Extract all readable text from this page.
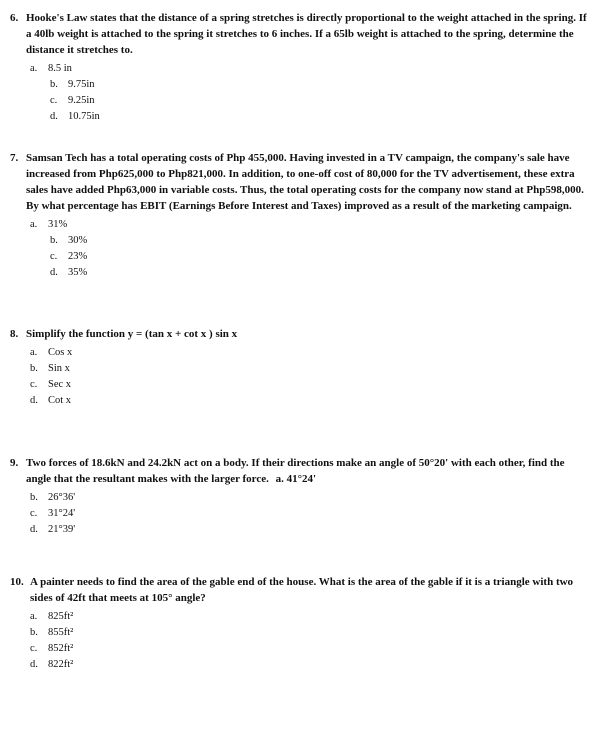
6. Hooke's Law states that the distance of a spring stretches is directly proportional to the weight attached in the spring. If a 40lb weight is attached to the spring it stretches to 6 inches. If a 65lb weight is attached to the spring, determine the distance it stretches to.
a.	8.5 in
b. 9.75in
c.	9.25in
d. 10.75in
7. Samsan Tech has a total operating costs of Php 455,000. Having invested in a TV campaign, the company's sale have increased from Php625,000 to Php821,000. In addition, to one-off cost of 80,000 for the TV advertisement, these extra sales have added Php63,000 in variable costs. Thus, the total operating costs for the company now stand at Php598,000. By what percentage has EBIT (Earnings Before Interest and Taxes) improved as a result of the marketing campaign.
a.	31%
b. 30%
c.	23%
d. 35%
8. Simplify the function y = (tan x + cot x ) sin x
a.	Cos x
b. Sin x
c.	Sec x
d. Cot x
9. Two forces of 18.6kN and 24.2kN act on a body. If their directions make an angle of 50°20' with each other, find the angle that the resultant makes with the larger force. a. 41°24'
b. 26°36'
c.	31°24'
d. 21°39'
10. A painter needs to find the area of the gable end of the house. What is the area of the gable if it is a triangle with two sides of 42ft that meets at 105° angle?
a.	825ft²
b. 855ft²
c.	852ft²
d. 822ft²
